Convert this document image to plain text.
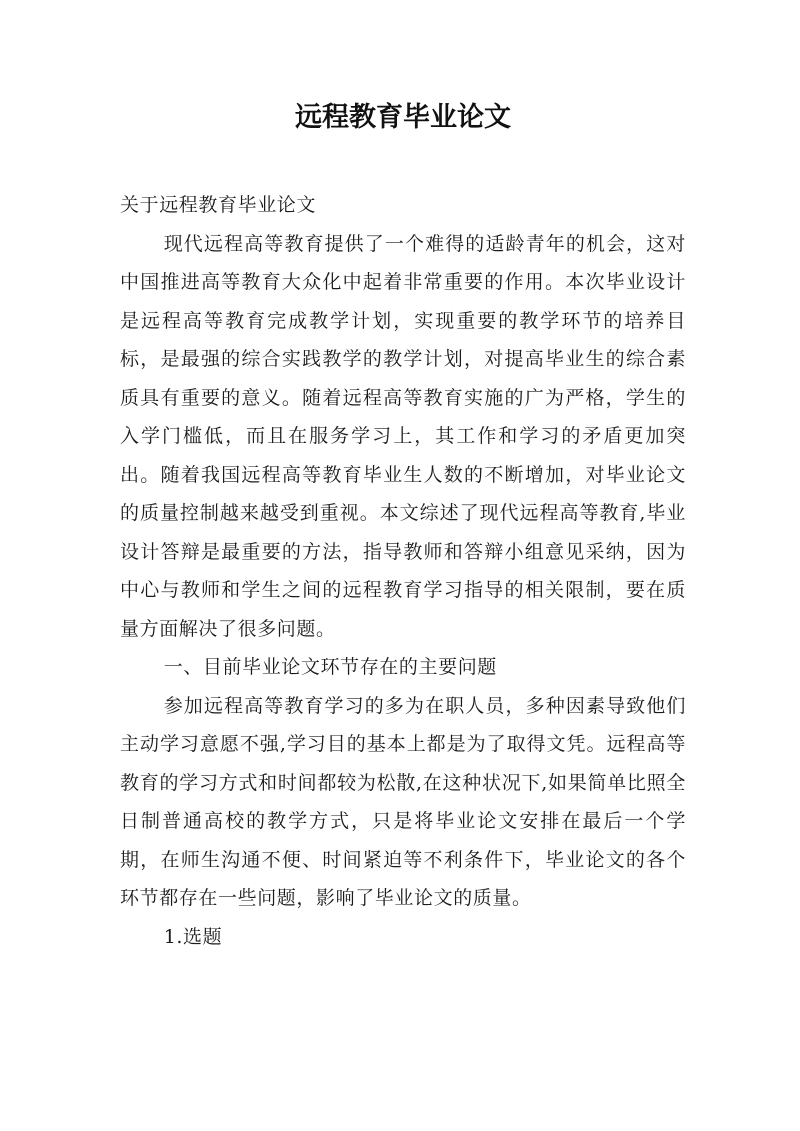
远程教育毕业论文

关于远程教育毕业论文

现代远程高等教育提供了一个难得的适龄青年的机会，这对中国推进高等教育大众化中起着非常重要的作用。本次毕业设计是远程高等教育完成教学计划，实现重要的教学环节的培养目标，是最强的综合实践教学的教学计划，对提高毕业生的综合素质具有重要的意义。随着远程高等教育实施的广为严格，学生的入学门槛低，而且在服务学习上，其工作和学习的矛盾更加突出。随着我国远程高等教育毕业生人数的不断增加，对毕业论文的质量控制越来越受到重视。本文综述了现代远程高等教育,毕业设计答辩是最重要的方法，指导教师和答辩小组意见采纳，因为中心与教师和学生之间的远程教育学习指导的相关限制，要在质量方面解决了很多问题。

一、目前毕业论文环节存在的主要问题

参加远程高等教育学习的多为在职人员，多种因素导致他们主动学习意愿不强,学习目的基本上都是为了取得文凭。远程高等教育的学习方式和时间都较为松散,在这种状况下,如果简单比照全日制普通高校的教学方式，只是将毕业论文安排在最后一个学期，在师生沟通不便、时间紧迫等不利条件下，毕业论文的各个环节都存在一些问题，影响了毕业论文的质量。

1.选题
